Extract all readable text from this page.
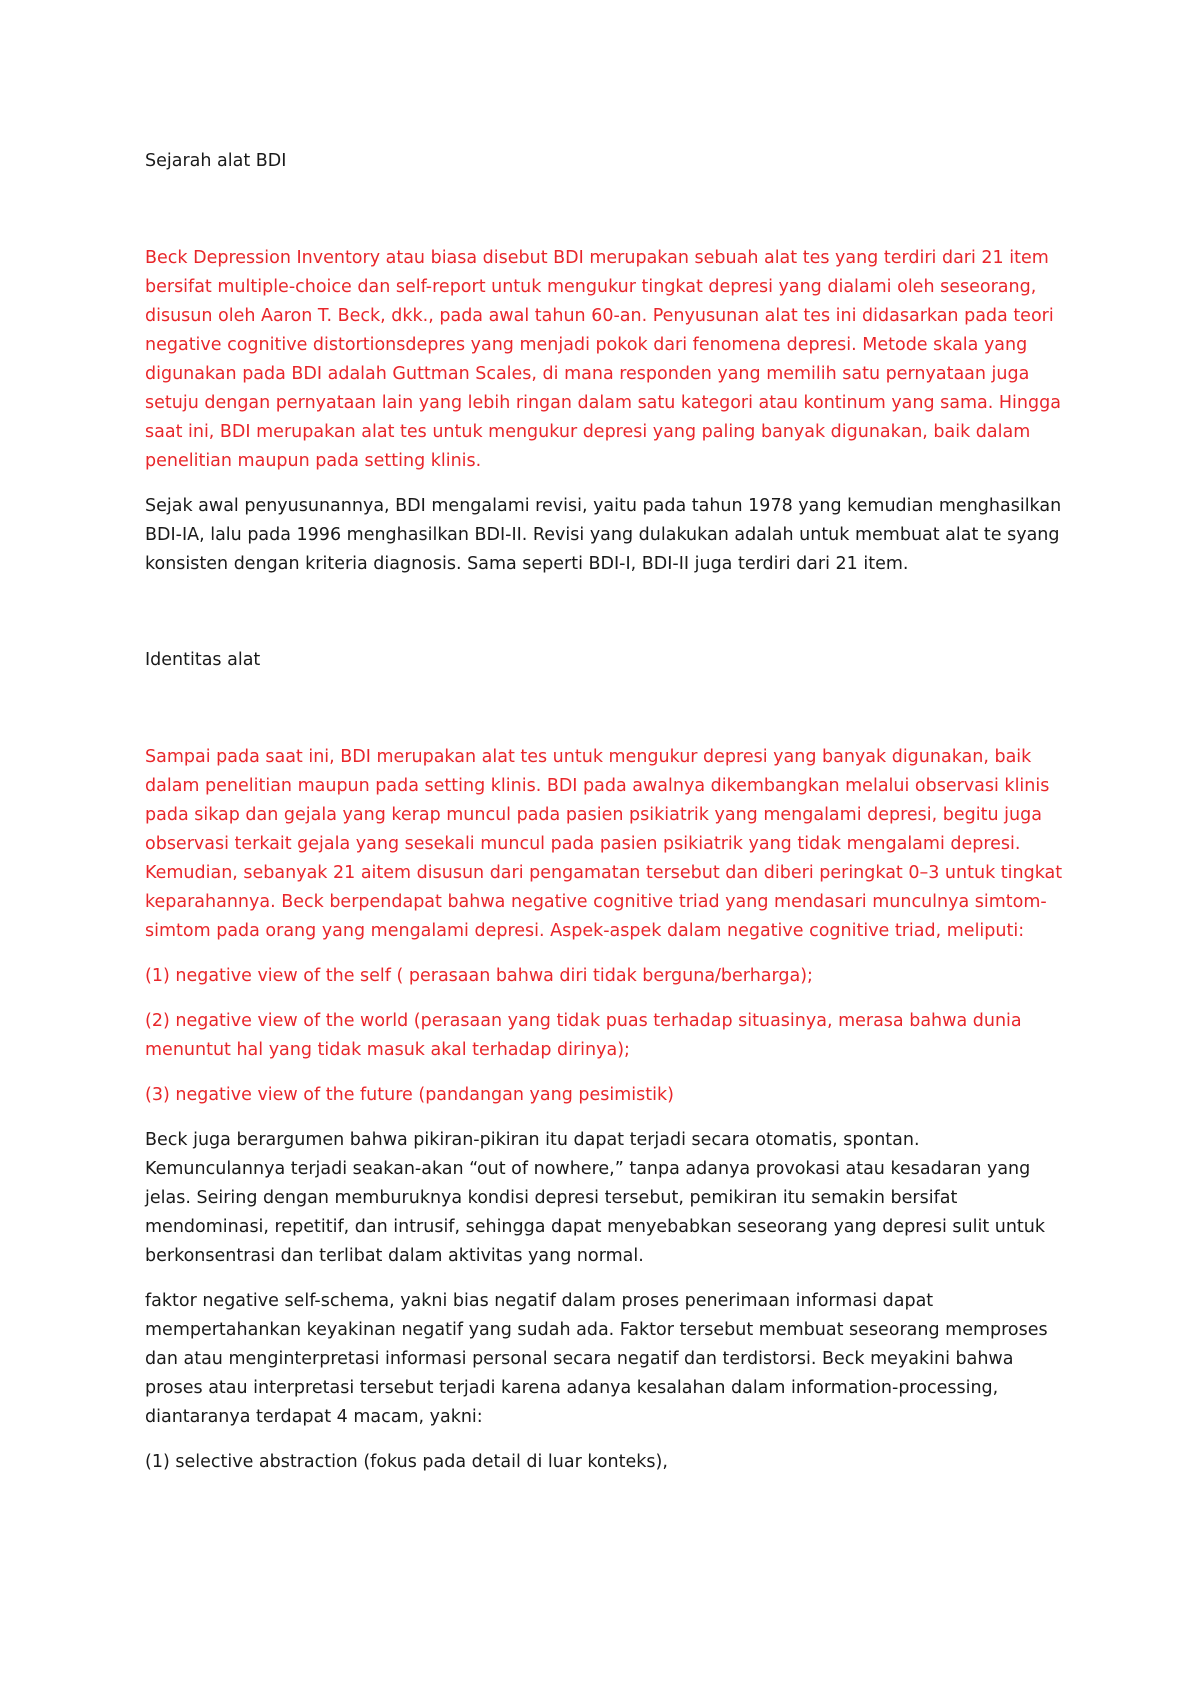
Sejarah alat BDI

Beck Depression Inventory atau biasa disebut BDI merupakan sebuah alat tes yang terdiri dari 21 item bersifat multiple-choice dan self-report untuk mengukur tingkat depresi yang dialami oleh seseorang, disusun oleh Aaron T. Beck, dkk., pada awal tahun 60-an. Penyusunan alat tes ini didasarkan pada teori negative cognitive distortionsdepres yang menjadi pokok dari fenomena depresi. Metode skala yang digunakan pada BDI adalah Guttman Scales, di mana responden yang memilih satu pernyataan juga setuju dengan pernyataan lain yang lebih ringan dalam satu kategori atau kontinum yang sama. Hingga saat ini, BDI merupakan alat tes untuk mengukur depresi yang paling banyak digunakan, baik dalam penelitian maupun pada setting klinis.

Sejak awal penyusunannya, BDI mengalami revisi, yaitu pada tahun 1978 yang kemudian menghasilkan BDI-IA, lalu pada 1996 menghasilkan BDI-II. Revisi yang dulakukan adalah untuk membuat alat te syang konsisten dengan kriteria diagnosis. Sama seperti BDI-I, BDI-II juga terdiri dari 21 item.

Identitas alat

Sampai pada saat ini, BDI merupakan alat tes untuk mengukur depresi yang banyak digunakan, baik dalam penelitian maupun pada setting klinis. BDI pada awalnya dikembangkan melalui observasi klinis pada sikap dan gejala yang kerap muncul pada pasien psikiatrik yang mengalami depresi, begitu juga observasi terkait gejala yang sesekali muncul pada pasien psikiatrik yang tidak mengalami depresi. Kemudian, sebanyak 21 aitem disusun dari pengamatan tersebut dan diberi peringkat 0–3 untuk tingkat keparahannya. Beck berpendapat bahwa negative cognitive triad yang mendasari munculnya simtom-simtom pada orang yang mengalami depresi. Aspek-aspek dalam negative cognitive triad, meliputi:

(1) negative view of the self ( perasaan bahwa diri tidak berguna/berharga);

(2) negative view of the world (perasaan yang tidak puas terhadap situasinya, merasa bahwa dunia menuntut hal yang tidak masuk akal terhadap dirinya);

(3) negative view of the future (pandangan yang pesimistik)

Beck juga berargumen bahwa pikiran-pikiran itu dapat terjadi secara otomatis, spontan. Kemunculannya terjadi seakan-akan “out of nowhere,” tanpa adanya provokasi atau kesadaran yang jelas. Seiring dengan memburuknya kondisi depresi tersebut, pemikiran itu semakin bersifat mendominasi, repetitif, dan intrusif, sehingga dapat menyebabkan seseorang yang depresi sulit untuk berkonsentrasi dan terlibat dalam aktivitas yang normal.

faktor negative self-schema, yakni bias negatif dalam proses penerimaan informasi dapat mempertahankan keyakinan negatif yang sudah ada. Faktor tersebut membuat seseorang memproses dan atau menginterpretasi informasi personal secara negatif dan terdistorsi. Beck meyakini bahwa proses atau interpretasi tersebut terjadi karena adanya kesalahan dalam information-processing, diantaranya terdapat 4 macam, yakni:

(1) selective abstraction (fokus pada detail di luar konteks),
